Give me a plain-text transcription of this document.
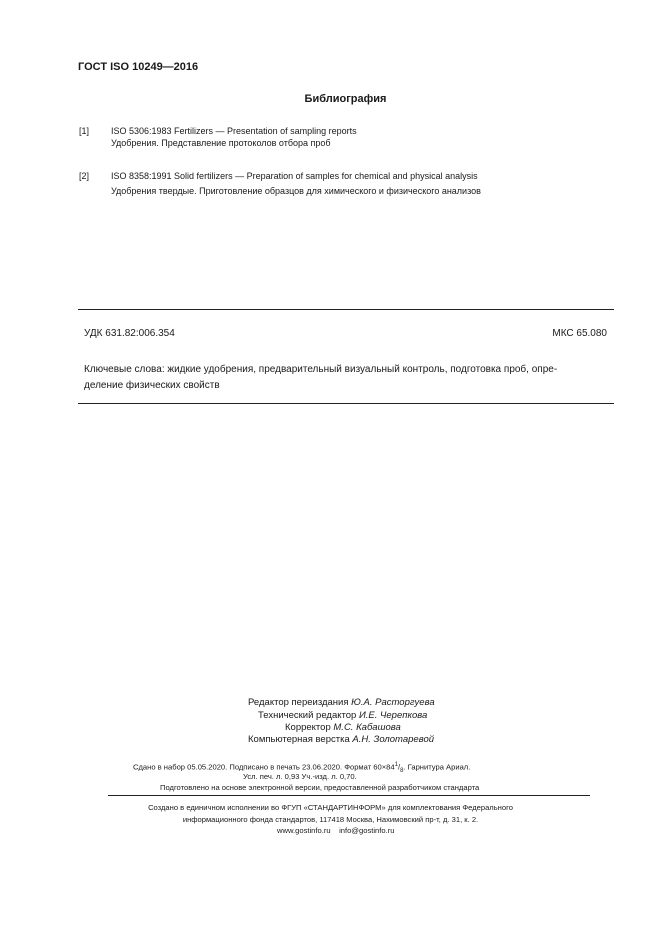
ГОСТ ISO 10249—2016
Библиография
[1] ISO 5306:1983 Fertilizers — Presentation of sampling reports
Удобрения. Представление протоколов отбора проб
[2] ISO 8358:1991 Solid fertilizers — Preparation of samples for chemical and physical analysis
Удобрения твердые. Приготовление образцов для химического и физического анализов
УДК 631.82:006.354	МКС 65.080
Ключевые слова: жидкие удобрения, предварительный визуальный контроль, подготовка проб, опре-
деление физических свойств
Редактор переиздания Ю.А. Расторгуева
Технический редактор И.Е. Черепкова
Корректор М.С. Кабашова
Компьютерная верстка А.Н. Золотаревой
Сдано в набор 05.05.2020. Подписано в печать 23.06.2020. Формат $60\times 84^1/_8$. Гарнитура Ариал.
Усл. печ. л. 0,93 Уч.-изд. л. 0,70.
Подготовлено на основе электронной версии, предоставленной разработчиком стандарта
Создано в единичном исполнении во ФГУП «СТАНДАРТИНФОРМ» для комплектования Федерального
информационного фонда стандартов, 117418 Москва, Нахимовский пр-т, д. 31, к. 2.
www.gostinfo.ru info@gostinfo.ru
